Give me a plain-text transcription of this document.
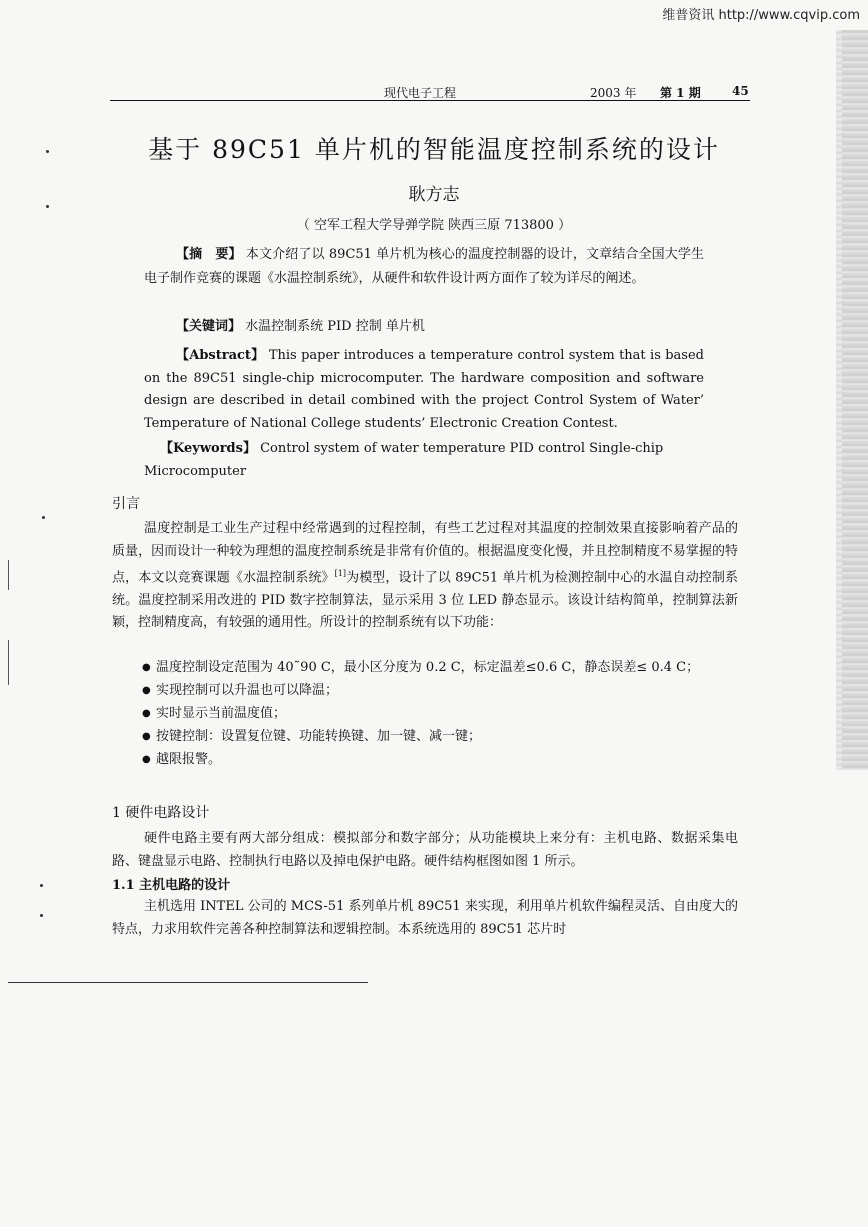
维普资讯 http://www.cqvip.com
现代电子工程	2003 年 第 1 期	45
基于 89C51 单片机的智能温度控制系统的设计
耿方志
（ 空军工程大学导弹学院 陕西三原 713800 ）
【摘　要】 本文介绍了以 89C51 单片机为核心的温度控制器的设计，文章结合全国大学生电子制作竞赛的课题《水温控制系统》，从硬件和软件设计两方面作了较为详尽的阐述。
【关键词】 水温控制系统 PID 控制 单片机
【Abstract】 This paper introduces a temperature control system that is based on the 89C51 single-chip microcomputer. The hardware composition and software design are described in detail combined with the project Control System of Water’ Temperature of National College students’ Electronic Creation Contest.
【Keywords】 Control system of water temperature PID control Single-chip Microcomputer
引言
温度控制是工业生产过程中经常遇到的过程控制，有些工艺过程对其温度的控制效果直接影响着产品的质量，因而设计一种较为理想的温度控制系统是非常有价值的。根据温度变化慢，并且控制精度不易掌握的特点，本文以竞赛课题《水温控制系统》[1]为模型，设计了以 89C51 单片机为检测控制中心的水温自动控制系统。温度控制采用改进的 PID 数字控制算法，显示采用 3 位 LED 静态显示。该设计结构简单，控制算法新颖，控制精度高，有较强的通用性。所设计的控制系统有以下功能：
● 温度控制设定范围为 40˜90 C，最小区分度为 0.2 C，标定温差≤0.6 C，静态误差≤ 0.4 C；
● 实现控制可以升温也可以降温；
● 实时显示当前温度值；
● 按键控制：设置复位键、功能转换键、加一键、减一键；
● 越限报警。
1 硬件电路设计
硬件电路主要有两大部分组成：模拟部分和数字部分；从功能模块上来分有：主机电路、数据采集电路、键盘显示电路、控制执行电路以及掉电保护电路。硬件结构框图如图 1 所示。
1.1 主机电路的设计
主机选用 INTEL 公司的 MCS-51 系列单片机 89C51 来实现，利用单片机软件编程灵活、自由度大的特点，力求用软件完善各种控制算法和逻辑控制。本系统选用的 89C51 芯片时
